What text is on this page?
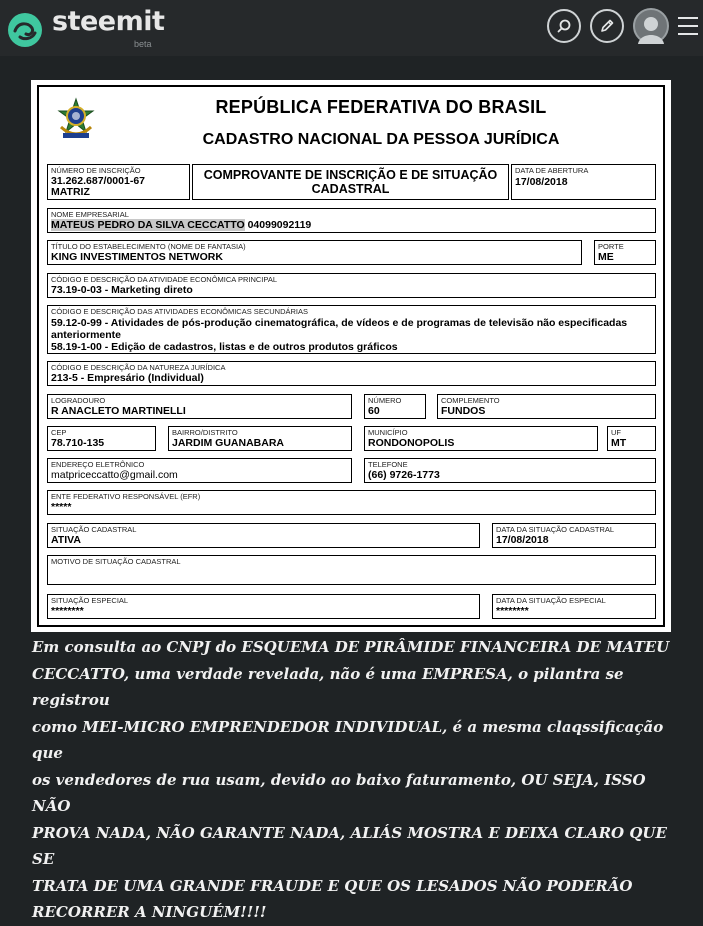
steemit
beta
REPÚBLICA FEDERATIVA DO BRASIL
CADASTRO NACIONAL DA PESSOA JURÍDICA
NÚMERO DE INSCRIÇÃO
31.262.687/0001-67
MATRIZ
COMPROVANTE DE INSCRIÇÃO E DE SITUAÇÃO CADASTRAL
DATA DE ABERTURA
17/08/2018
NOME EMPRESARIAL
MATEUS PEDRO DA SILVA CECCATTO 04099092119
TÍTULO DO ESTABELECIMENTO (NOME DE FANTASIA)
KING INVESTIMENTOS NETWORK
PORTE
ME
CÓDIGO E DESCRIÇÃO DA ATIVIDADE ECONÔMICA PRINCIPAL
73.19-0-03 - Marketing direto
CÓDIGO E DESCRIÇÃO DAS ATIVIDADES ECONÔMICAS SECUNDÁRIAS
59.12-0-99 - Atividades de pós-produção cinematográfica, de vídeos e de programas de televisão não especificadas
anteriormente
58.19-1-00 - Edição de cadastros, listas e de outros produtos gráficos
CÓDIGO E DESCRIÇÃO DA NATUREZA JURÍDICA
213-5 - Empresário (Individual)
LOGRADOURO
R ANACLETO MARTINELLI
NÚMERO
60
COMPLEMENTO
FUNDOS
CEP
78.710-135
BAIRRO/DISTRITO
JARDIM GUANABARA
MUNICÍPIO
RONDONOPOLIS
UF
MT
ENDEREÇO ELETRÔNICO
matpriceccatto@gmail.com
TELEFONE
(66) 9726-1773
ENTE FEDERATIVO RESPONSÁVEL (EFR)
*****
SITUAÇÃO CADASTRAL
ATIVA
DATA DA SITUAÇÃO CADASTRAL
17/08/2018
MOTIVO DE SITUAÇÃO CADASTRAL
SITUAÇÃO ESPECIAL
********
DATA DA SITUAÇÃO ESPECIAL
********
Em consulta ao CNPJ do ESQUEMA DE PIRÂMIDE FINANCEIRA DE MATEU
CECCATTO, uma verdade revelada, não é uma EMPRESA, o pilantra se registrou
como MEI-MICRO EMPRENDEDOR INDIVIDUAL, é a mesma claqssificação que
os vendedores de rua usam, devido ao baixo faturamento, OU SEJA, ISSO NÃO
PROVA NADA, NÃO GARANTE NADA, ALIÁS MOSTRA E DEIXA CLARO QUE SE
TRATA DE UMA GRANDE FRAUDE E QUE OS LESADOS NÃO PODERÃO
RECORRER A NINGUÉM!!!!
